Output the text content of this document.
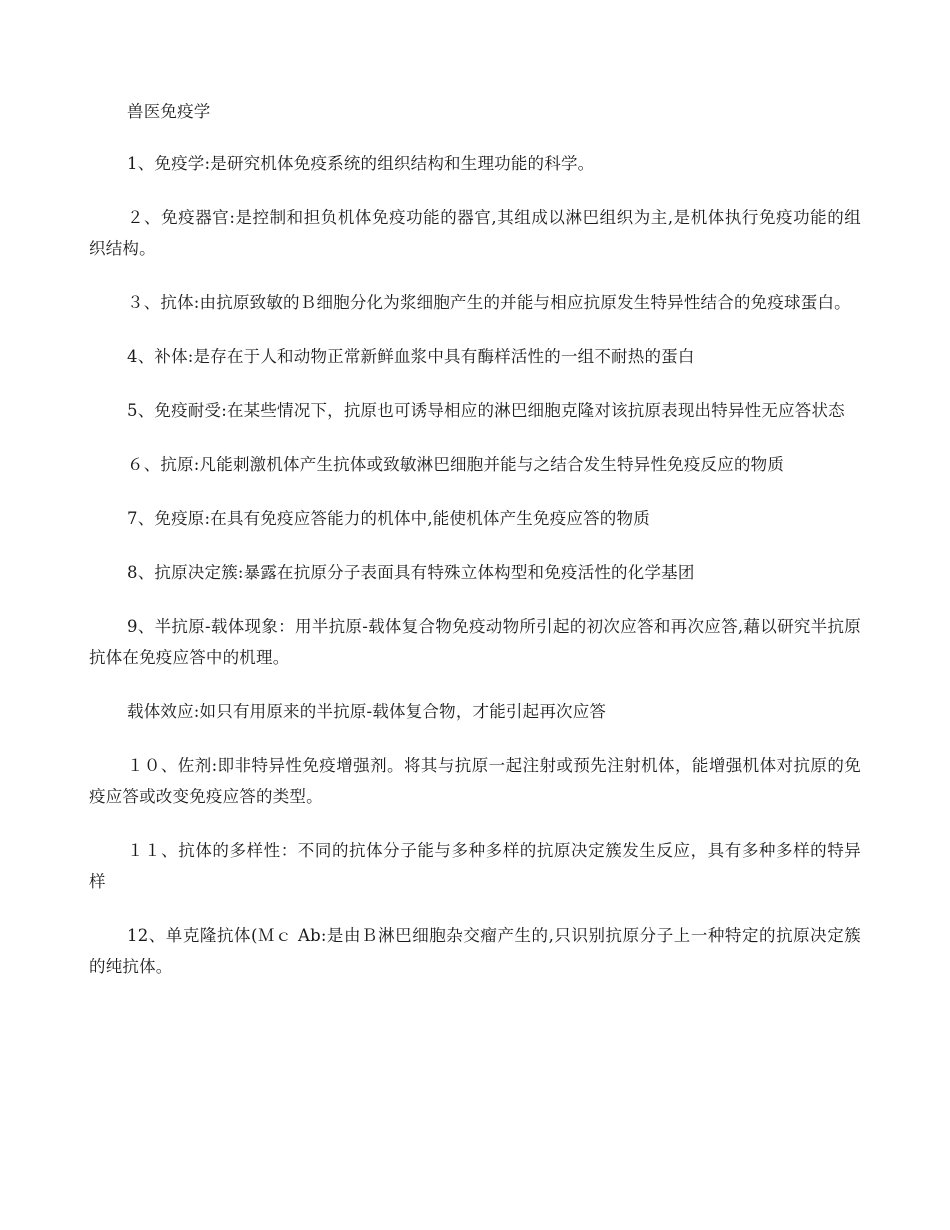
兽医免疫学

1、免疫学:是研究机体免疫系统的组织结构和生理功能的科学。

２、免疫器官:是控制和担负机体免疫功能的器官,其组成以淋巴组织为主,是机体执行免疫功能的组织结构。

３、抗体:由抗原致敏的Ｂ细胞分化为浆细胞产生的并能与相应抗原发生特异性结合的免疫球蛋白。

4、补体:是存在于人和动物正常新鲜血浆中具有酶样活性的一组不耐热的蛋白

5、免疫耐受:在某些情况下，抗原也可诱导相应的淋巴细胞克隆对该抗原表现出特异性无应答状态

６、抗原:凡能刺激机体产生抗体或致敏淋巴细胞并能与之结合发生特异性免疫反应的物质

7、免疫原:在具有免疫应答能力的机体中,能使机体产生免疫应答的物质

8、抗原决定簇:暴露在抗原分子表面具有特殊立体构型和免疫活性的化学基团

9、半抗原-载体现象：用半抗原-载体复合物免疫动物所引起的初次应答和再次应答,藉以研究半抗原抗体在免疫应答中的机理。

载体效应:如只有用原来的半抗原-载体复合物，才能引起再次应答

１０、佐剂:即非特异性免疫增强剂。将其与抗原一起注射或预先注射机体，能增强机体对抗原的免疫应答或改变免疫应答的类型。

１１、抗体的多样性：不同的抗体分子能与多种多样的抗原决定簇发生反应，具有多种多样的特异样

12、单克隆抗体(Ｍｃ Ab:是由Ｂ淋巴细胞杂交瘤产生的,只识别抗原分子上一种特定的抗原决定簇的纯抗体。
